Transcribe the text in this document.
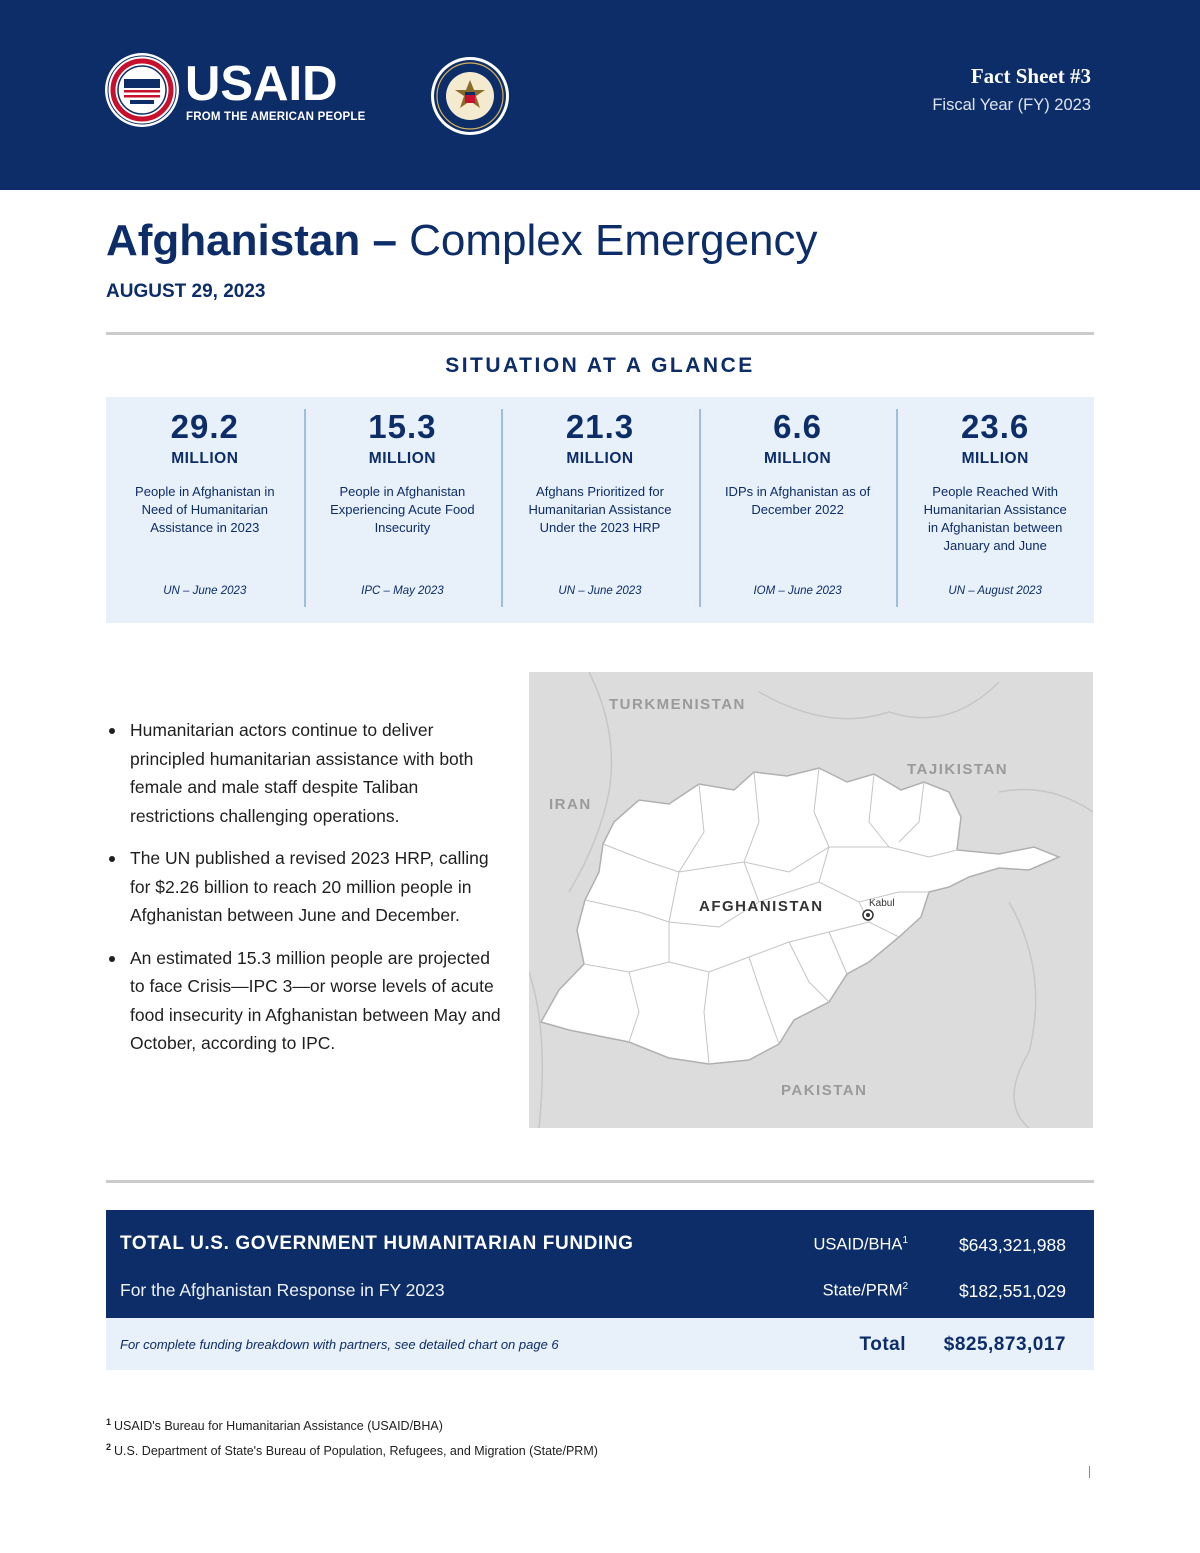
USAID
FROM THE AMERICAN PEOPLE
Fact Sheet #3
Fiscal Year (FY) 2023
Afghanistan – Complex Emergency
AUGUST 29, 2023
SITUATION AT A GLANCE
29.2
MILLION
People in Afghanistan in Need of Humanitarian Assistance in 2023
UN – June 2023
15.3
MILLION
People in Afghanistan Experiencing Acute Food Insecurity
IPC – May 2023
21.3
MILLION
Afghans Prioritized for Humanitarian Assistance Under the 2023 HRP
UN – June 2023
6.6
MILLION
IDPs in Afghanistan as of December 2022
IOM – June 2023
23.6
MILLION
People Reached With Humanitarian Assistance in Afghanistan between January and June
UN – August 2023
Humanitarian actors continue to deliver principled humanitarian assistance with both female and male staff despite Taliban restrictions challenging operations.
The UN published a revised 2023 HRP, calling for $2.26 billion to reach 20 million people in Afghanistan between June and December.
An estimated 15.3 million people are projected to face Crisis—IPC 3—or worse levels of acute food insecurity in Afghanistan between May and October, according to IPC.
TURKMENISTAN
TAJIKISTAN
IRAN
AFGHANISTAN	Kabul
PAKISTAN
TOTAL U.S. GOVERNMENT HUMANITARIAN FUNDING
For the Afghanistan Response in FY 2023
USAID/BHA$^1$	$643,321,988
State/PRM$^2$	$182,551,029
For complete funding breakdown with partners, see detailed chart on page 6	Total $825,873,017
$^1$ USAID's Bureau for Humanitarian Assistance (USAID/BHA)
$^2$ U.S. Department of State's Bureau of Population, Refugees, and Migration (State/PRM)
